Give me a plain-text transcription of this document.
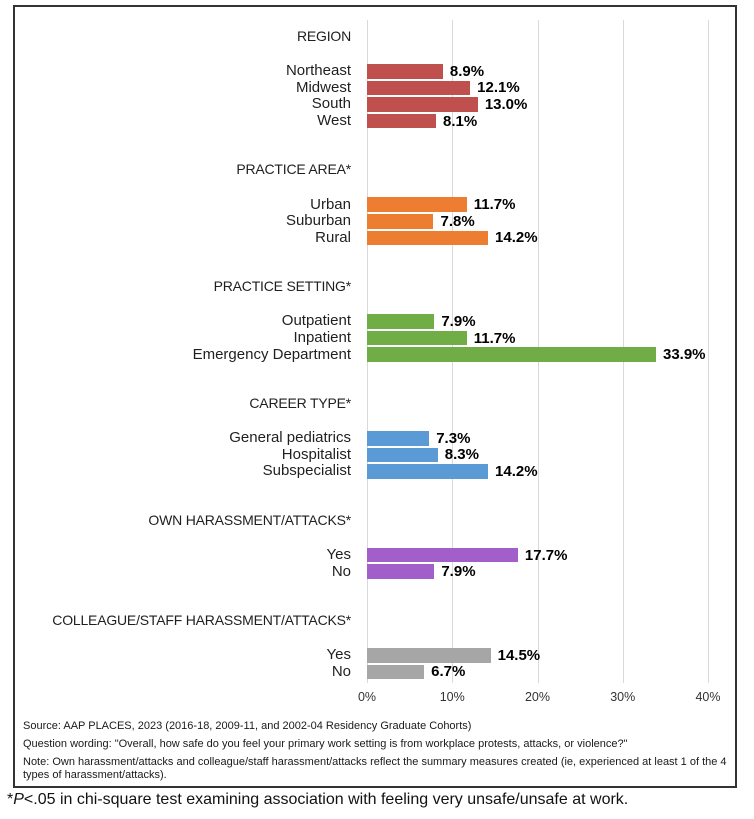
REGION
Northeast	8.9%
Midwest	12.1%
South	13.0%
West	8.1%
PRACTICE AREA*
Urban	11.7%
Suburban	7.8%
Rural	14.2%
PRACTICE SETTING*
Outpatient	7.9%
Inpatient	11.7%
Emergency Department	33.9%
CAREER TYPE*
General pediatrics	7.3%
Hospitalist	8.3%
Subspecialist	14.2%
OWN HARASSMENT/ATTACKS*
Yes	17.7%
No	7.9%
COLLEAGUE/STAFF HARASSMENT/ATTACKS*
Yes	14.5%
No	6.7%
0%	10%	20%	30%	40%
Source: AAP PLACES, 2023 (2016-18, 2009-11, and 2002-04 Residency Graduate Cohorts)
Question wording: "Overall, how safe do you feel your primary work setting is from workplace protests, attacks, or violence?"
Note: Own harassment/attacks and colleague/staff harassment/attacks reflect the summary measures created (ie, experienced at least 1 of the 4 types of harassment/attacks).
*P<.05 in chi-square test examining association with feeling very unsafe/unsafe at work.
